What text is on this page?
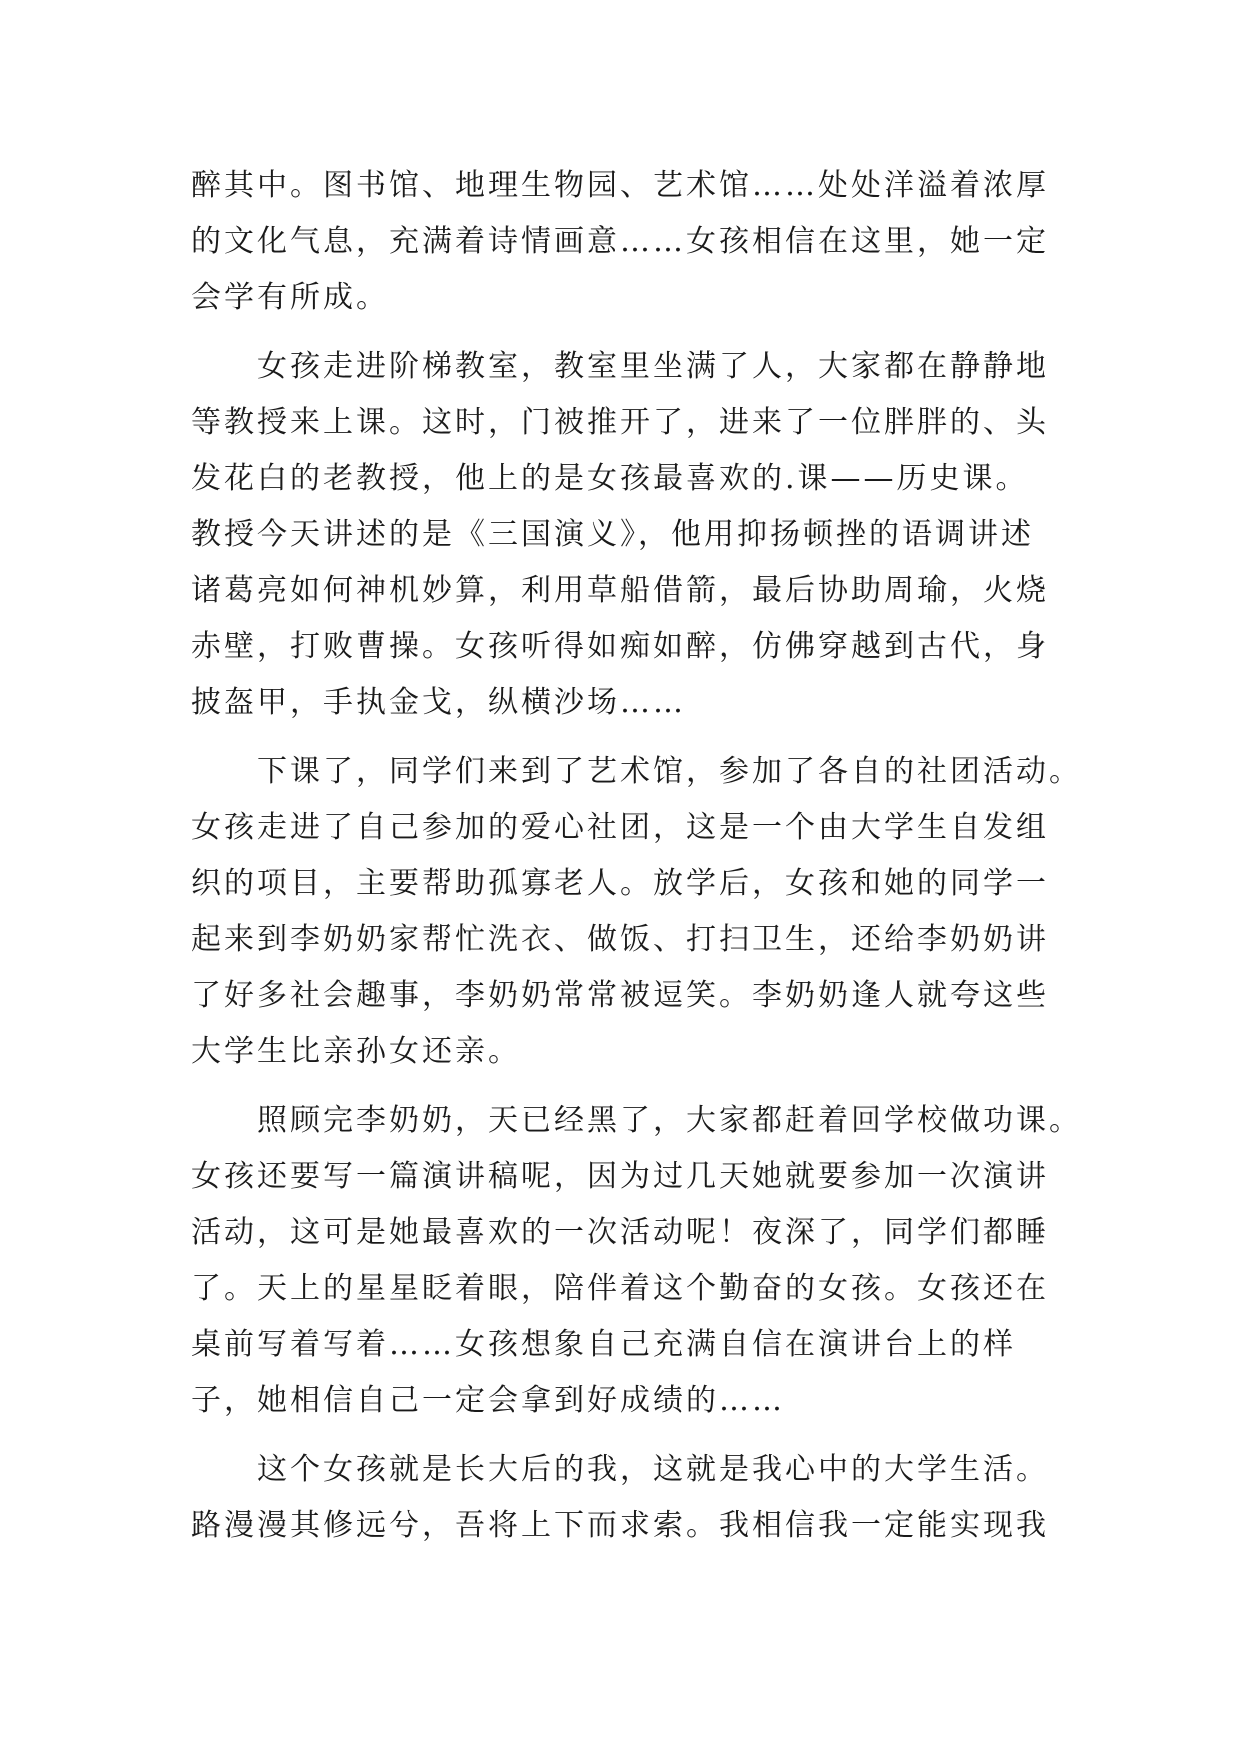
醉其中。图书馆、地理生物园、艺术馆……处处洋溢着浓厚
的文化气息，充满着诗情画意……女孩相信在这里，她一定
会学有所成。
女孩走进阶梯教室，教室里坐满了人，大家都在静静地
等教授来上课。这时，门被推开了，进来了一位胖胖的、头
发花白的老教授，他上的是女孩最喜欢的.课——历史课。
教授今天讲述的是《三国演义》，他用抑扬顿挫的语调讲述
诸葛亮如何神机妙算，利用草船借箭，最后协助周瑜，火烧
赤壁，打败曹操。女孩听得如痴如醉，仿佛穿越到古代，身
披盔甲，手执金戈，纵横沙场……
下课了，同学们来到了艺术馆，参加了各自的社团活动。
女孩走进了自己参加的爱心社团，这是一个由大学生自发组
织的项目，主要帮助孤寡老人。放学后，女孩和她的同学一
起来到李奶奶家帮忙洗衣、做饭、打扫卫生，还给李奶奶讲
了好多社会趣事，李奶奶常常被逗笑。李奶奶逢人就夸这些
大学生比亲孙女还亲。
照顾完李奶奶，天已经黑了，大家都赶着回学校做功课。
女孩还要写一篇演讲稿呢，因为过几天她就要参加一次演讲
活动，这可是她最喜欢的一次活动呢！夜深了，同学们都睡
了。天上的星星眨着眼，陪伴着这个勤奋的女孩。女孩还在
桌前写着写着……女孩想象自己充满自信在演讲台上的样
子，她相信自己一定会拿到好成绩的……
这个女孩就是长大后的我，这就是我心中的大学生活。
路漫漫其修远兮，吾将上下而求索。我相信我一定能实现我
